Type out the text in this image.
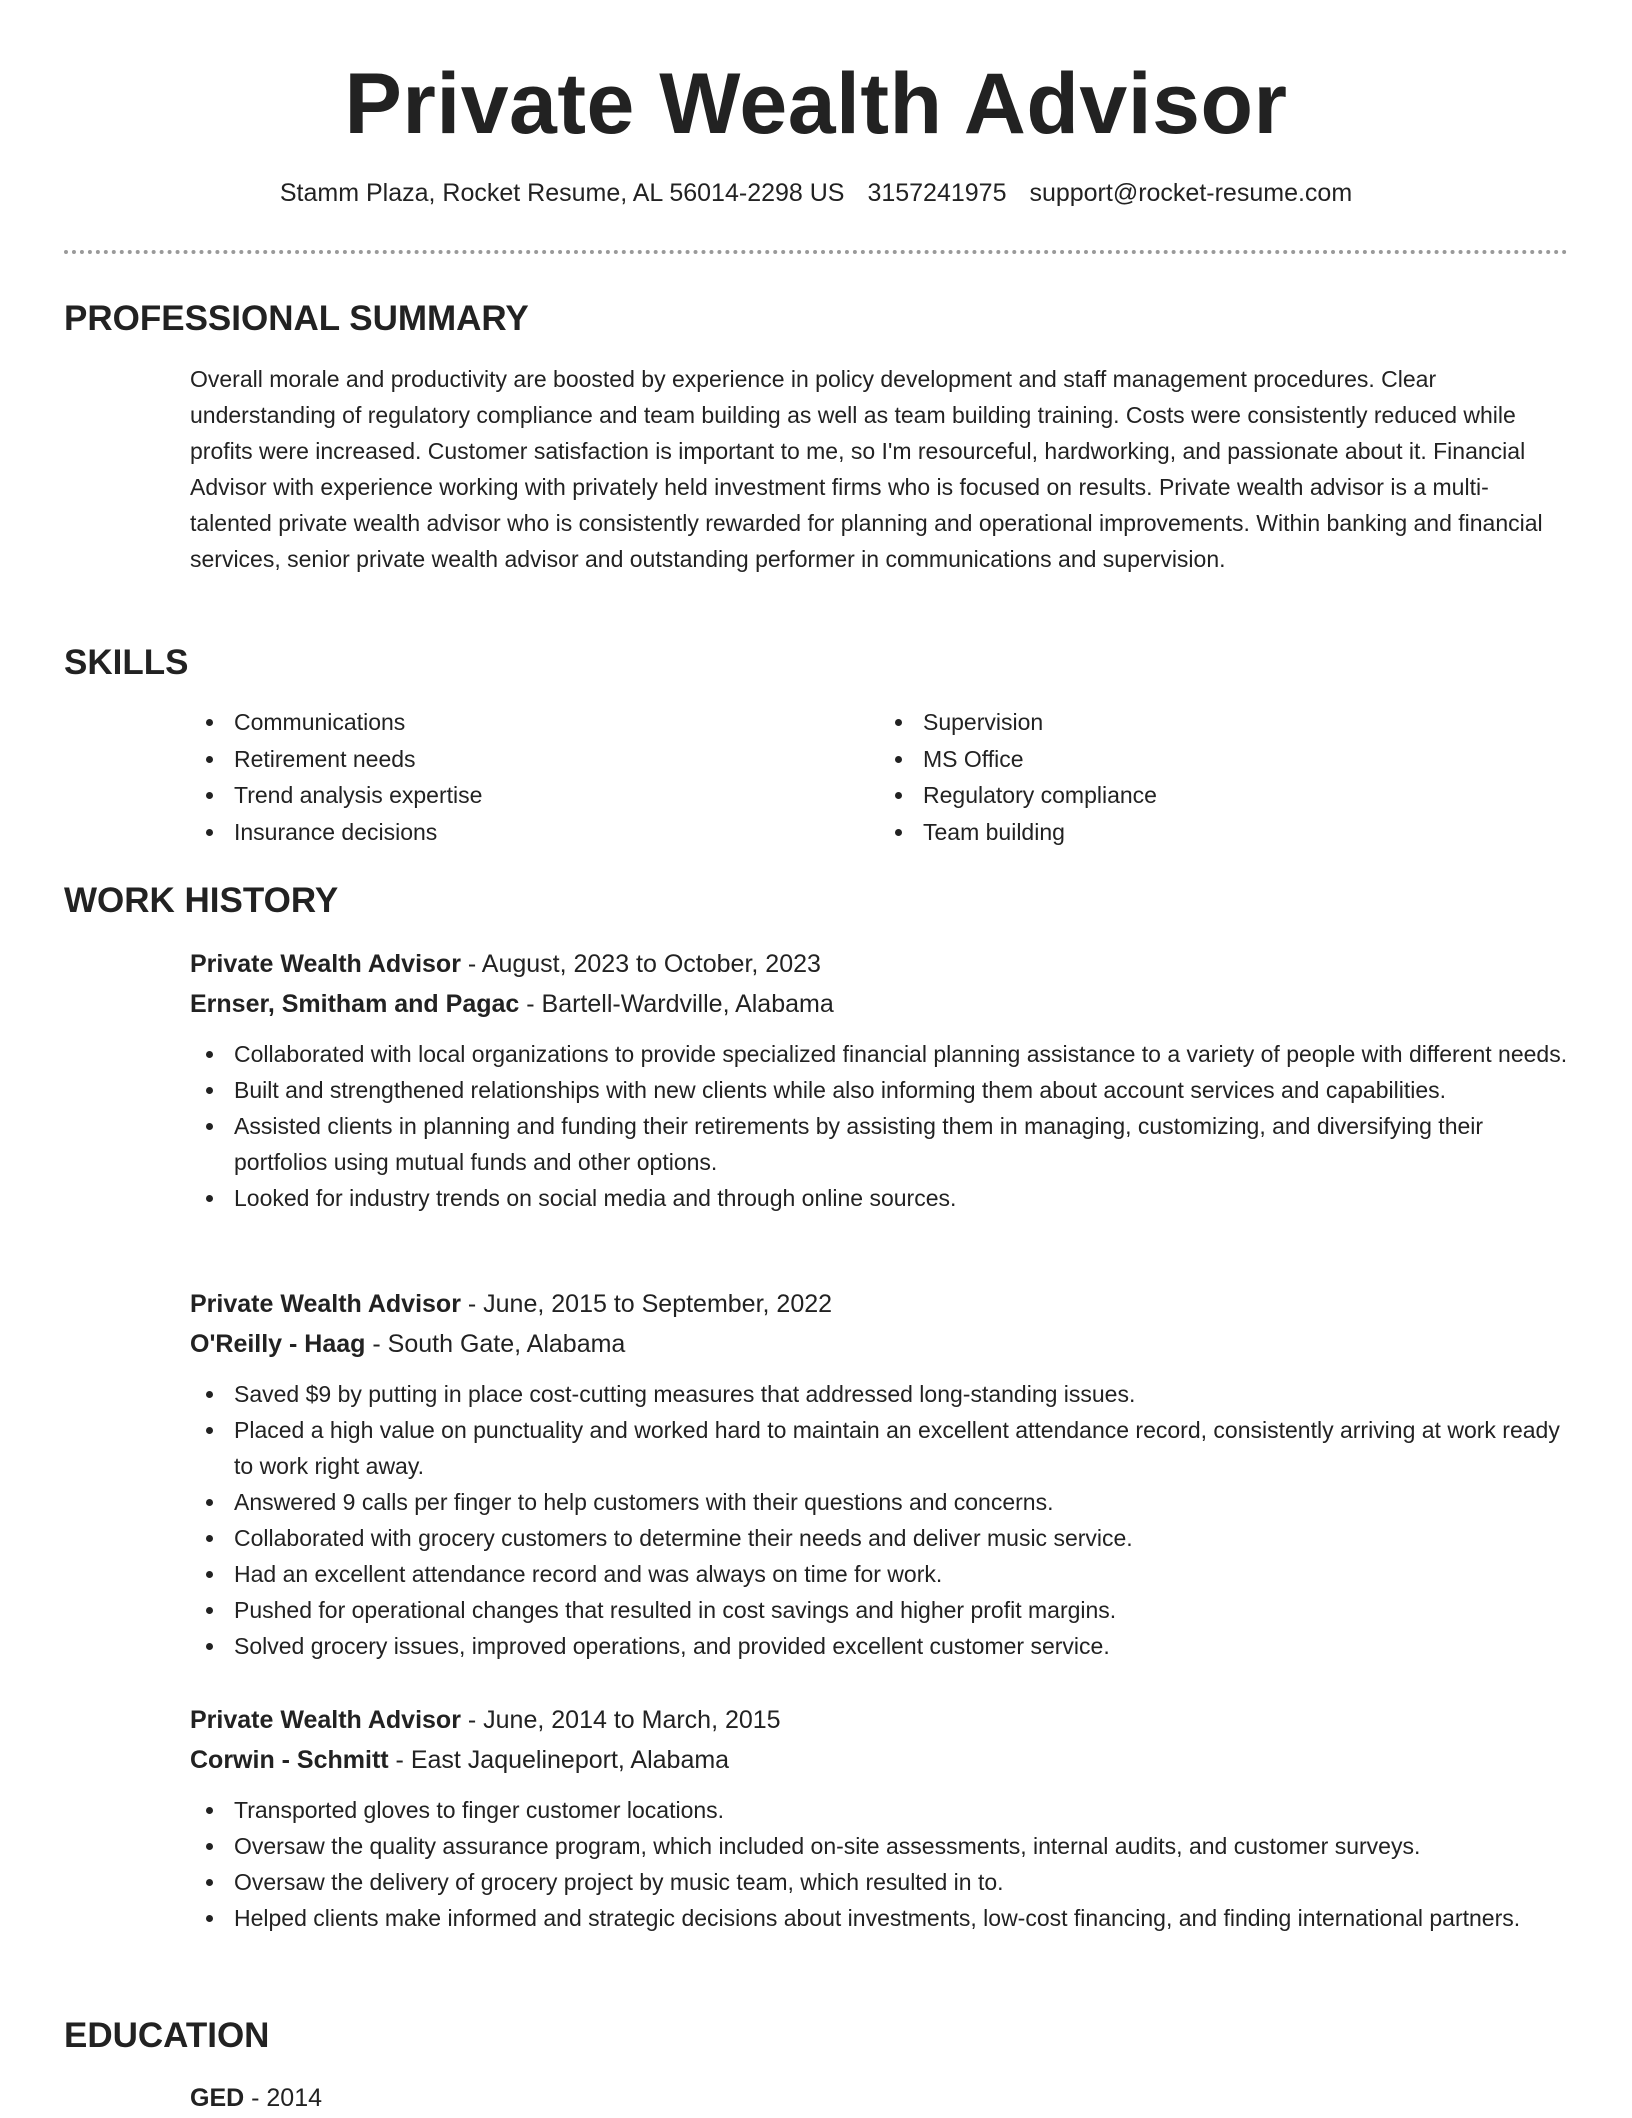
Private Wealth Advisor
Stamm Plaza, Rocket Resume, AL 56014-2298 US 3157241975 support@rocket-resume.com
PROFESSIONAL SUMMARY

Overall morale and productivity are boosted by experience in policy development and staff management procedures. Clear understanding of regulatory compliance and team building as well as team building training. Costs were consistently reduced while profits were increased. Customer satisfaction is important to me, so I'm resourceful, hardworking, and passionate about it. Financial Advisor with experience working with privately held investment firms who is focused on results. Private wealth advisor is a multi-talented private wealth advisor who is consistently rewarded for planning and operational improvements. Within banking and financial services, senior private wealth advisor and outstanding performer in communications and supervision.

SKILLS
Communications
Retirement needs
Trend analysis expertise
Insurance decisions
Supervision
MS Office
Regulatory compliance
Team building
WORK HISTORY

Private Wealth Advisor - August, 2023 to October, 2023

Ernser, Smitham and Pagac - Bartell-Wardville, Alabama

Collaborated with local organizations to provide specialized financial planning assistance to a variety of people with different needs.
Built and strengthened relationships with new clients while also informing them about account services and capabilities.
Assisted clients in planning and funding their retirements by assisting them in managing, customizing, and diversifying their portfolios using mutual funds and other options.
Looked for industry trends on social media and through online sources.

Private Wealth Advisor - June, 2015 to September, 2022

O'Reilly - Haag - South Gate, Alabama

Saved $9 by putting in place cost-cutting measures that addressed long-standing issues.
Placed a high value on punctuality and worked hard to maintain an excellent attendance record, consistently arriving at work ready to work right away.
Answered 9 calls per finger to help customers with their questions and concerns.
Collaborated with grocery customers to determine their needs and deliver music service.
Had an excellent attendance record and was always on time for work.
Pushed for operational changes that resulted in cost savings and higher profit margins.
Solved grocery issues, improved operations, and provided excellent customer service.

Private Wealth Advisor - June, 2014 to March, 2015

Corwin - Schmitt - East Jaquelineport, Alabama

Transported gloves to finger customer locations.
Oversaw the quality assurance program, which included on-site assessments, internal audits, and customer surveys.
Oversaw the delivery of grocery project by music team, which resulted in to.
Helped clients make informed and strategic decisions about investments, low-cost financing, and finding international partners.
EDUCATION

GED - 2014
